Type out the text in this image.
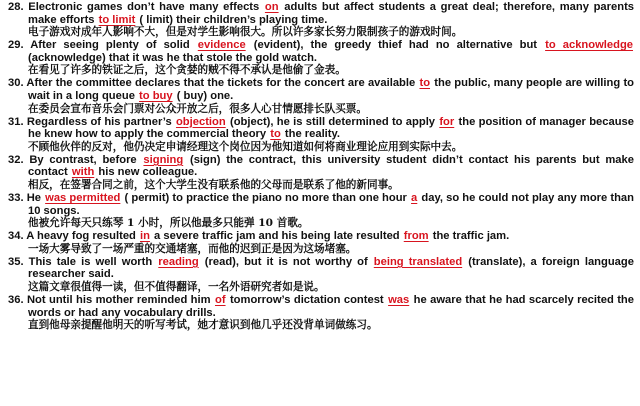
28. Electronic games don’t have many effects on adults but affect students a great deal; therefore, many parents make efforts to limit ( limit) their children’s playing time.
电子游戏对成年人影响不大，但是对学生影响很大。所以许多家长努力限制孩子的游戏时间。
29. After seeing plenty of solid evidence (evident), the greedy thief had no alternative but to acknowledge (acknowledge) that it was he that stole the gold watch.
在看见了许多的铁证之后，这个贪婪的贼不得不承认是他偷了金表。
30. After the committee declares that the tickets for the concert are available to the public, many people are willing to wait in a long queue to buy ( buy) one.
在委员会宣布音乐会门票对公众开放之后，很多人心甘情愿排长队买票。
31. Regardless of his partner’s objection (object), he is still determined to apply for the position of manager because he knew how to apply the commercial theory to the reality.
不顾他伙伴的反对，他仍决定申请经理这个岗位因为他知道如何将商业理论应用到实际中去。
32. By contrast, before signing (sign) the contract, this university student didn’t contact his parents but make contact with his new colleague.
相反，在签署合同之前，这个大学生没有联系他的父母而是联系了他的新同事。
33. He was permitted ( permit) to practice the piano no more than one hour a day, so he could not play any more than 10 songs.
他被允许每天只练琴 1 小时，所以他最多只能弹 10 首歌。
34. A heavy fog resulted in a severe traffic jam and his being late resulted from the traffic jam.
一场大雾导致了一场严重的交通堵塞，而他的迟到正是因为这场堵塞。
35. This tale is well worth reading (read), but it is not worthy of being translated (translate), a foreign language researcher said.
这篇文章很值得一读，但不值得翻译，一名外语研究者如是说。
36. Not until his mother reminded him of tomorrow’s dictation contest was he aware that he had scarcely recited the words or had any vocabulary drills.
直到他母亲提醒他明天的听写考试，她才意识到他几乎还没背单词做练习。
